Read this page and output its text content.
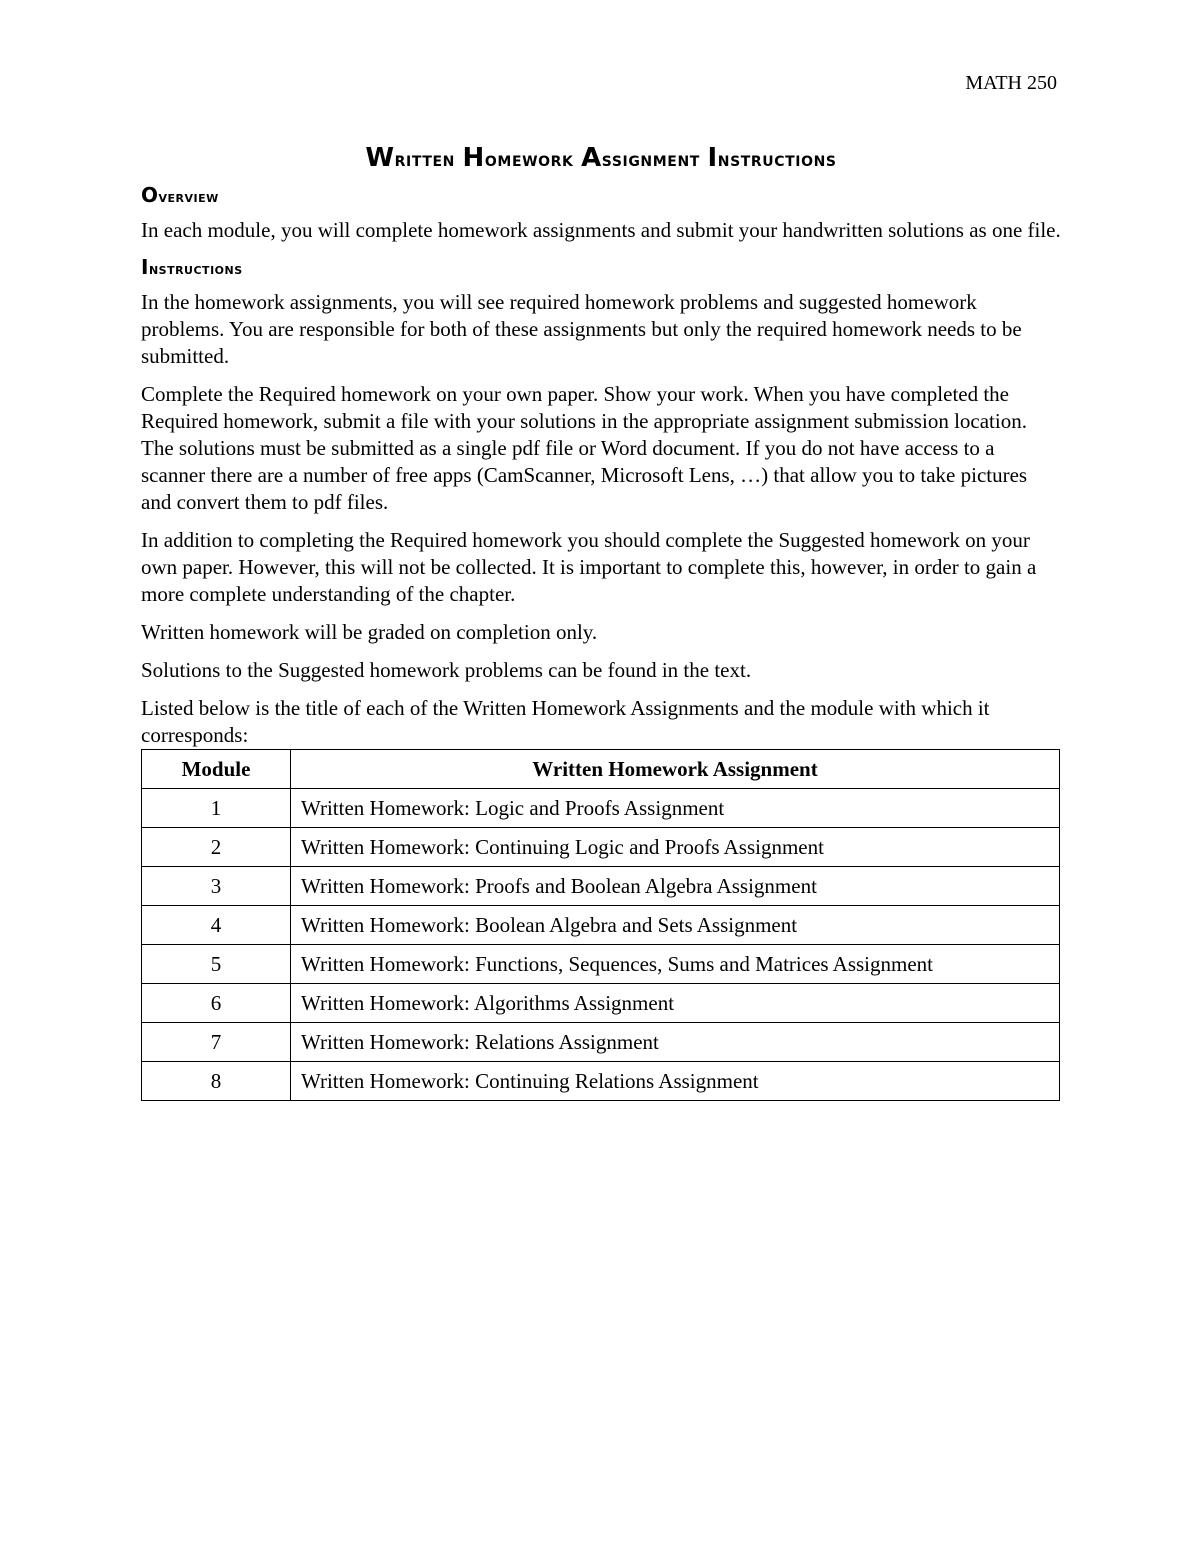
MATH 250
Written Homework Assignment Instructions
Overview

In each module, you will complete homework assignments and submit your handwritten solutions as one file.

Instructions

In the homework assignments, you will see required homework problems and suggested homework problems. You are responsible for both of these assignments but only the required homework needs to be submitted.

Complete the Required homework on your own paper. Show your work. When you have completed the Required homework, submit a file with your solutions in the appropriate assignment submission location. The solutions must be submitted as a single pdf file or Word document. If you do not have access to a scanner there are a number of free apps (CamScanner, Microsoft Lens, …) that allow you to take pictures and convert them to pdf files.

In addition to completing the Required homework you should complete the Suggested homework on your own paper. However, this will not be collected. It is important to complete this, however, in order to gain a more complete understanding of the chapter.

Written homework will be graded on completion only.

Solutions to the Suggested homework problems can be found in the text.

Listed below is the title of each of the Written Homework Assignments and the module with which it corresponds:

Module	Written Homework Assignment
1	Written Homework: Logic and Proofs Assignment
2	Written Homework: Continuing Logic and Proofs Assignment
3	Written Homework: Proofs and Boolean Algebra Assignment
4	Written Homework: Boolean Algebra and Sets Assignment
5	Written Homework: Functions, Sequences, Sums and Matrices Assignment
6	Written Homework: Algorithms Assignment
7	Written Homework: Relations Assignment
8	Written Homework: Continuing Relations Assignment
